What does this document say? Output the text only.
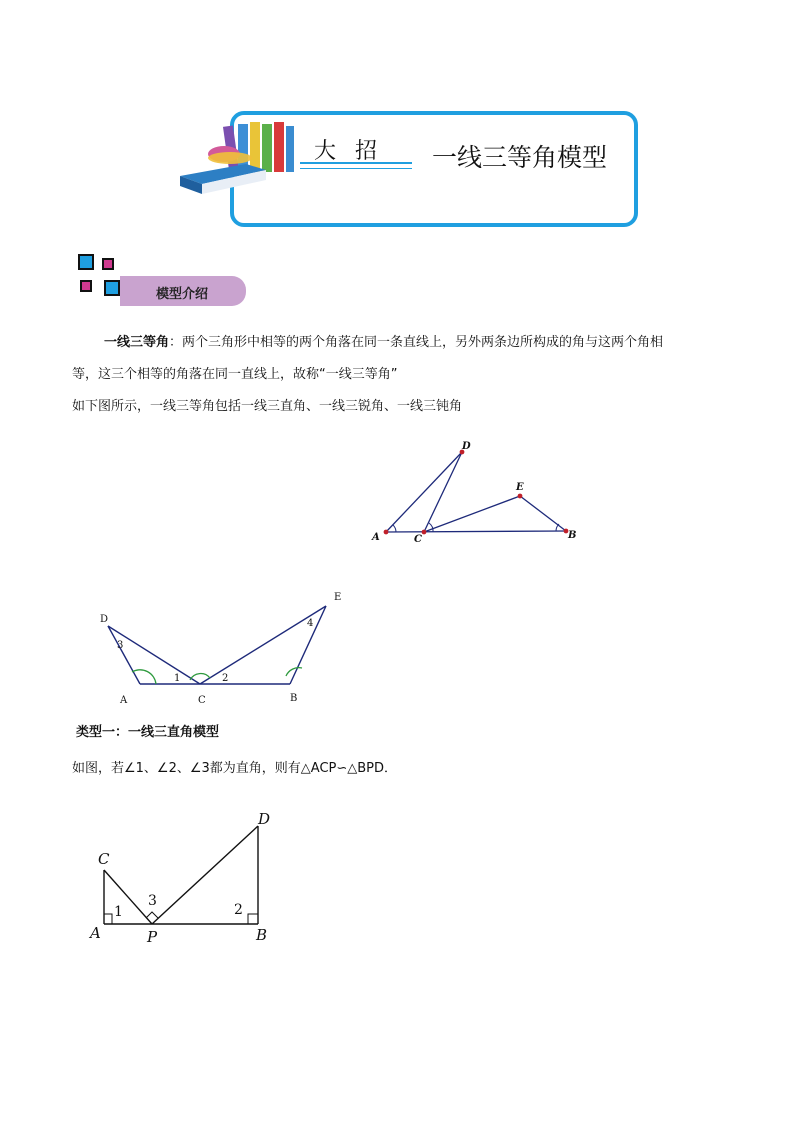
大 招 一线三等角模型
模型介绍
一线三等角：两个三角形中相等的两个角落在同一条直线上，另外两条边所构成的角与这两个角相
等，这三个相等的角落在同一直线上，故称“一线三等角”
如下图所示，一线三等角包括一线三直角、一线三锐角、一线三钝角
A	C	B
D
E
D
A	C	B
E
1	2
3
4
类型一：一线三直角模型
如图，若∠1、∠2、∠3都为直角，则有△ACP∽△BPD．
C
D
A	P	B
1
3
2
